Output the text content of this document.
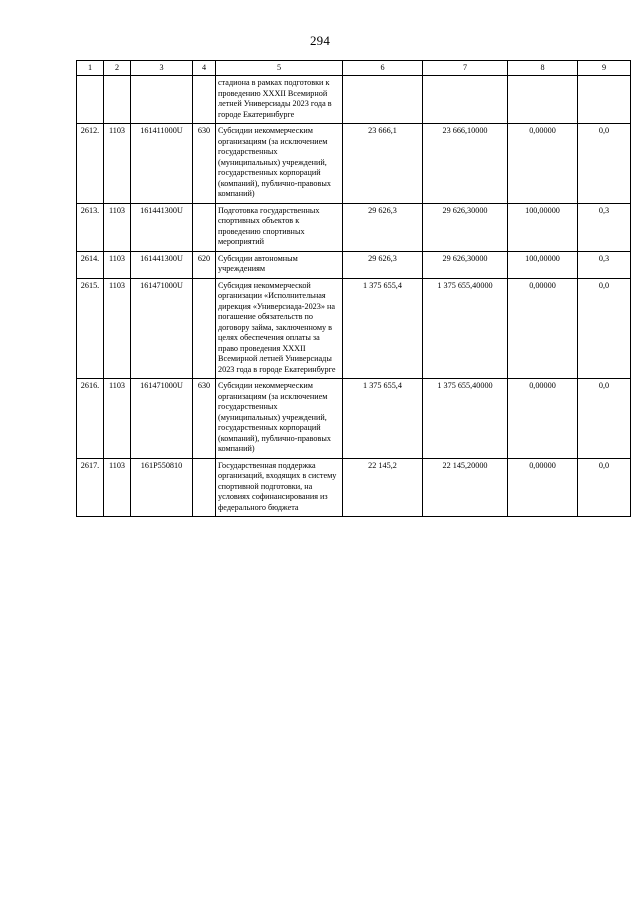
294
1	2	3	4	5	6	7	8	9
				стадиона в рамках подготовки к проведению XXXII Всемирной летней Универсиады 2023 года в городе Екатеринбурге				
2612.	1103	161411000U	630	Субсидии некоммерческим организациям (за исключением государственных (муниципальных) учреждений, государственных корпораций (компаний), публично-правовых компаний)	23 666,1	23 666,10000	0,00000	0,0
2613.	1103	161441300U		Подготовка государственных спортивных объектов к проведению спортивных мероприятий	29 626,3	29 626,30000	100,00000	0,3
2614.	1103	161441300U	620	Субсидии автономным учреждениям	29 626,3	29 626,30000	100,00000	0,3
2615.	1103	161471000U		Субсидия некоммерческой организации «Исполнительная дирекция «Универсиада-2023» на погашение обязательств по договору займа, заключенному в целях обеспечения оплаты за право проведения XXXII Всемирной летней Универсиады 2023 года в городе Екатеринбурге	1 375 655,4	1 375 655,40000	0,00000	0,0
2616.	1103	161471000U	630	Субсидии некоммерческим организациям (за исключением государственных (муниципальных) учреждений, государственных корпораций (компаний), публично-правовых компаний)	1 375 655,4	1 375 655,40000	0,00000	0,0
2617.	1103	161Р550810		Государственная поддержка организаций, входящих в систему спортивной подготовки, на условиях софинансирования из федерального бюджета	22 145,2	22 145,20000	0,00000	0,0
